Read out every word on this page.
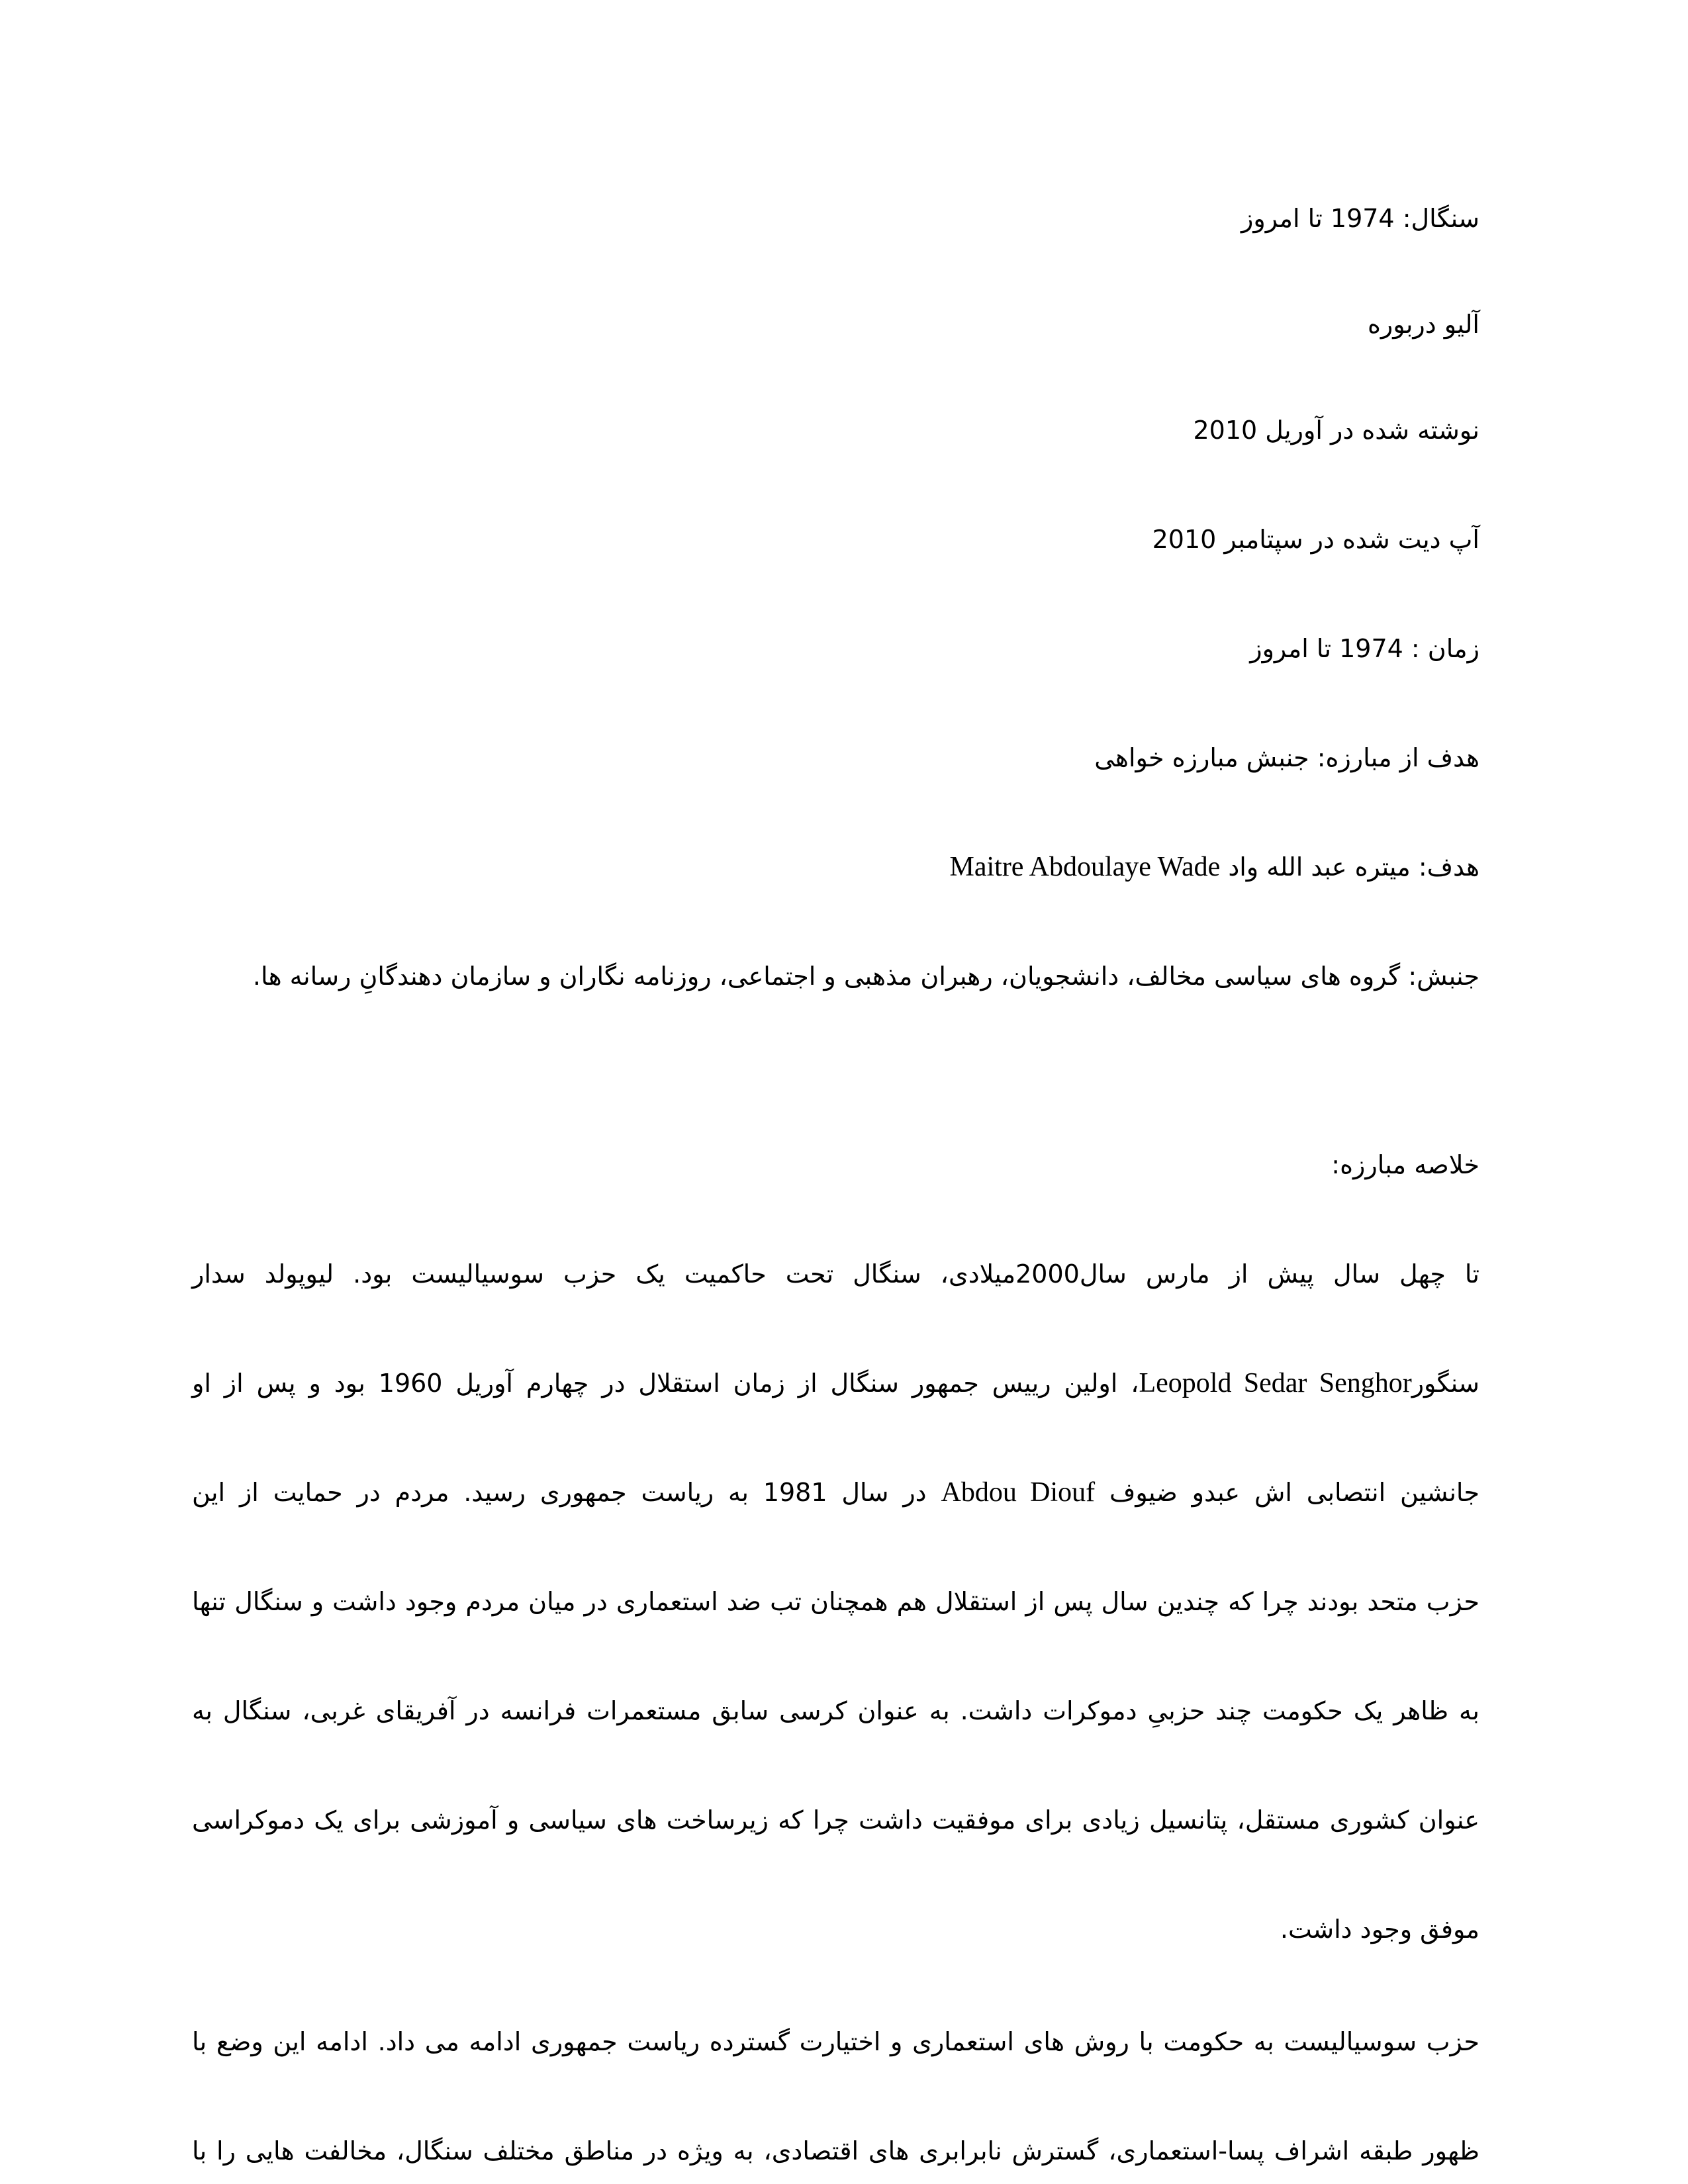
سنگال: 1974 تا امروز
آلیو دربوره
نوشته شده در آوریل 2010
آپ دیت شده در سپتامبر 2010
زمان : 1974 تا امروز
هدف از مبارزه: جنبش مبارزه خواهی
هدف: میتره عبد الله واد Maitre Abdoulaye Wade
جنبش: گروه های سیاسی مخالف، دانشجویان، رهبران مذهبی و اجتماعی، روزنامه نگاران و سازمان دهندگانِ رسانه ها.
خلاصه مبارزه:
تا چهل سال پیش از مارس سال2000میلادی، سنگال تحت حاکمیت یک حزب سوسیالیست بود. لیوپولد سدار
سنگورLeopold Sedar Senghor، اولین رییس جمهور سنگال از زمان استقلال در چهارم آوریل 1960 بود و پس از او
جانشین انتصابی اش عبدو ضیوف Abdou Diouf در سال 1981 به ریاست جمهوری رسید. مردم در حمایت از این
حزب متحد بودند چرا که چندین سال پس از استقلال هم همچنان تب ضد استعماری در میان مردم وجود داشت و سنگال تنها
به ظاهر یک حکومت چند حزبیِ دموکرات داشت. به عنوان کرسی سابق مستعمرات فرانسه در آفریقای غربی، سنگال به
عنوان کشوری مستقل، پتانسیل زیادی برای موفقیت داشت چرا که زیرساخت های سیاسی و آموزشی برای یک دموکراسی
موفق وجود داشت.
حزب سوسیالیست به حکومت با روش های استعماری و اختیارت گسترده ریاست جمهوری ادامه می داد. ادامه این وضع با
ظهور طبقه اشراف پسا-استعماری، گسترش نابرابری های اقتصادی، به ویژه در مناطق مختلف سنگال، مخالفت هایی را با
